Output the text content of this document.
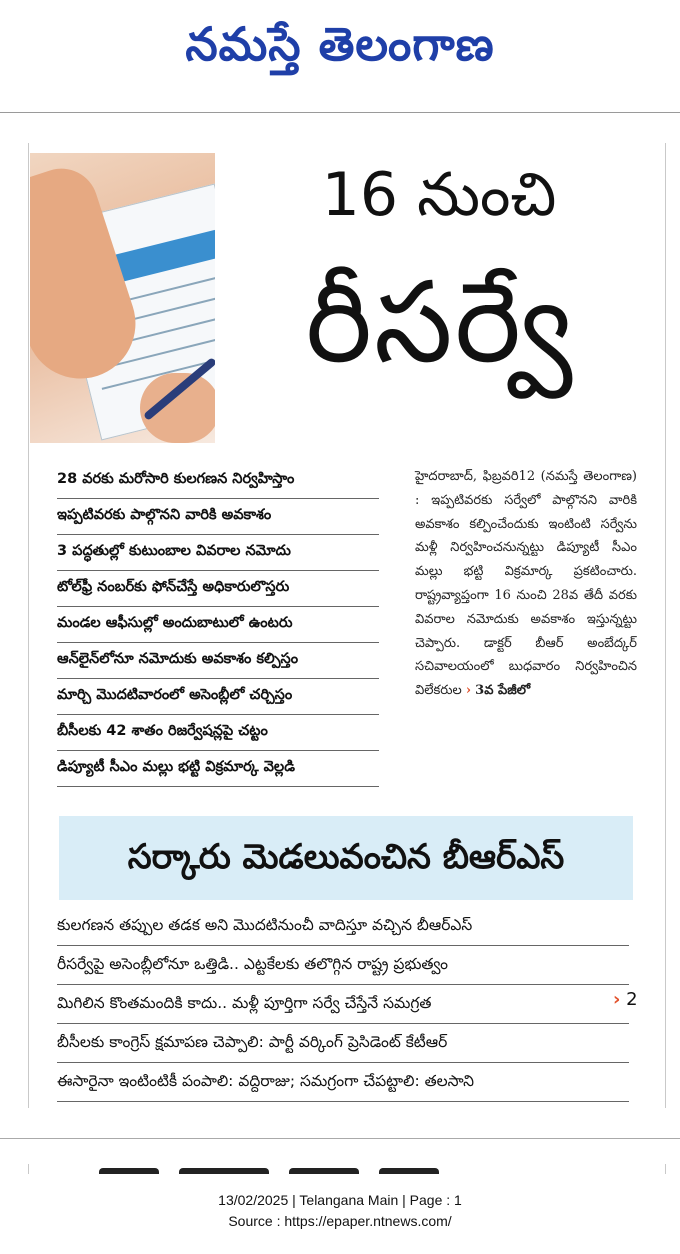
నమస్తే తెలంగాణ
16 నుంచి
రీసర్వే
28 వరకు మరోసారి కులగణన నిర్వహిస్తాం
ఇప్పటివరకు పాల్గొనని వారికి అవకాశం
3 పద్ధతుల్లో కుటుంబాల వివరాల నమోదు
టోల్‌ఫ్రీ నంబర్‌కు ఫోన్‌చేస్తే అధికారులొస్తరు
మండల ఆఫీసుల్లో అందుబాటులో ఉంటరు
ఆన్‌లైన్‌లోనూ నమోదుకు అవకాశం కల్పిస్తం
మార్చి మొదటివారంలో అసెంబ్లీలో చర్చిస్తం
బీసీలకు 42 శాతం రిజర్వేషన్లపై చట్టం
డిప్యూటీ సీఎం మల్లు భట్టి విక్రమార్క వెల్లడి
హైదరాబాద్, ఫిబ్రవరి12 (నమస్తే తెలంగాణ) : ఇప్పటివరకు సర్వేలో పాల్గొనని వారికి అవకాశం కల్పించేందుకు ఇంటింటి సర్వేను మళ్లీ నిర్వహించనున్నట్టు డిప్యూటీ సీఎం మల్లు భట్టి విక్రమార్క ప్రకటించారు. రాష్ట్రవ్యాప్తంగా 16 నుంచి 28వ తేదీ వరకు వివరాల నమోదుకు అవకాశం ఇస్తున్నట్టు చెప్పారు. డాక్టర్ బీఆర్ అంబేద్కర్ సచివాలయంలో బుధవారం నిర్వహించిన విలేకరుల › 3వ పేజీలో
సర్కారు మెడలువంచిన బీఆర్‌ఎస్
కులగణన తప్పుల తడక అని మొదటినుంచీ వాదిస్తూ వచ్చిన బీఆర్‌ఎస్
రీసర్వేపై అసెంబ్లీలోనూ ఒత్తిడి.. ఎట్టకేలకు తలొగ్గిన రాష్ట్ర ప్రభుత్వం
మిగిలిన కొంతమందికి కాదు.. మళ్లీ పూర్తిగా సర్వే చేస్తేనే సమగ్రత
బీసీలకు కాంగ్రెస్ క్షమాపణ చెప్పాలి: పార్టీ వర్కింగ్ ప్రెసిడెంట్ కేటీఆర్
ఈసారైనా ఇంటింటికీ పంపాలి: వద్దిరాజు; సమగ్రంగా చేపట్టాలి: తలసాని
› 2
13/02/2025 | Telangana Main | Page : 1
Source : https://epaper.ntnews.com/
